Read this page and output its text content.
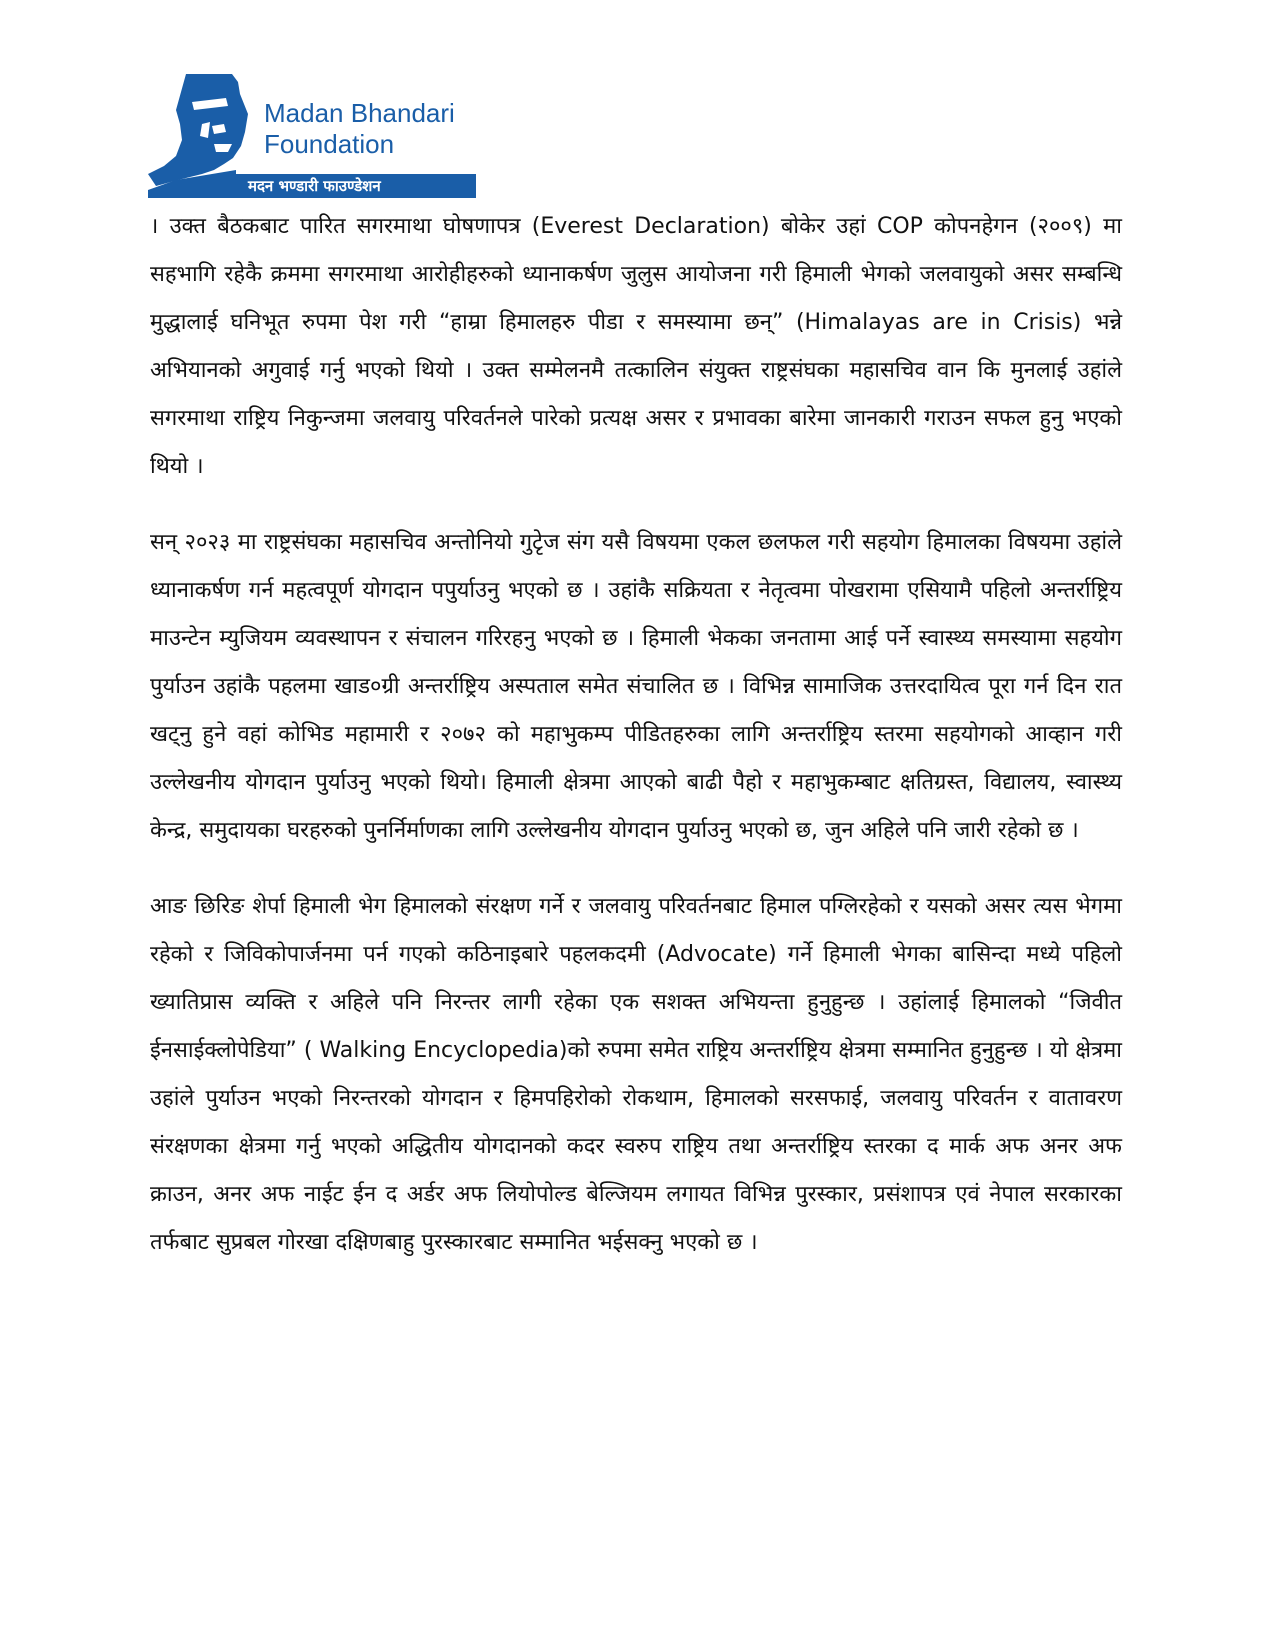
Madan Bhandari
Foundation
मदन भण्डारी फाउण्डेशन

। उक्त बैठकबाट पारित सगरमाथा घोषणापत्र (Everest Declaration) बोकेर उहां COP कोपनहेगन (२००९) मा सहभागि रहेकै क्रममा सगरमाथा आरोहीहरुको ध्यानाकर्षण जुलुस आयोजना गरी हिमाली भेगको जलवायुको असर सम्बन्धि मुद्धालाई घनिभूत रुपमा पेश गरी “हाम्रा हिमालहरु पीडा र समस्यामा छन्” (Himalayas are in Crisis) भन्ने अभियानको अगुवाई गर्नु भएको थियो । उक्त सम्मेलनमै तत्कालिन संयुक्त राष्ट्रसंघका महासचिव वान कि मुनलाई उहांले सगरमाथा राष्ट्रिय निकुन्जमा जलवायु परिवर्तनले पारेको प्रत्यक्ष असर र प्रभावका बारेमा जानकारी गराउन सफल हुनु भएको थियो ।

सन् २०२३ मा राष्ट्रसंघका महासचिव अन्तोनियो गुटेृज संग यसै विषयमा एकल छलफल गरी सहयोग हिमालका विषयमा उहांले ध्यानाकर्षण गर्न महत्वपूर्ण योगदान पपुर्याउनु भएको छ । उहांकै सक्रियता र नेतृत्वमा पोखरामा एसियामै पहिलो अन्तर्राष्ट्रिय माउन्टेन म्युजियम व्यवस्थापन र संचालन गरिरहनु भएको छ । हिमाली भेकका जनतामा आई पर्ने स्वास्थ्य समस्यामा सहयोग पुर्याउन उहांकै पहलमा खाड०ग्री अन्तर्राष्ट्रिय अस्पताल समेत संचालित छ । विभिन्न सामाजिक उत्तरदायित्व पूरा गर्न दिन रात खट्नु हुने वहां कोभिड महामारी र २०७२ को महाभुकम्प पीडितहरुका लागि अन्तर्राष्ट्रिय स्तरमा सहयोगको आव्हान गरी उल्लेखनीय योगदान पुर्याउनु भएको थियो। हिमाली क्षेत्रमा आएको बाढी पैहो र महाभुकम्बाट क्षतिग्रस्त, विद्यालय, स्वास्थ्य केन्द्र, समुदायका घरहरुको पुनर्निर्माणका लागि उल्लेखनीय योगदान पुर्याउनु भएको छ, जुन अहिले पनि जारी रहेको छ ।

आङ छिरिङ शेर्पा हिमाली भेग हिमालको संरक्षण गर्ने र जलवायु परिवर्तनबाट हिमाल पग्लिरहेको र यसको असर त्यस भेगमा रहेको र जिविकोपार्जनमा पर्न गएको कठिनाइबारे पहलकदमी (Advocate) गर्ने हिमाली भेगका बासिन्दा मध्ये पहिलो ख्यातिप्रास व्यक्ति र अहिले पनि निरन्तर लागी रहेका एक सशक्त अभियन्ता हुनुहुन्छ । उहांलाई हिमालको “जिवीत ईनसाईक्लोपेडिया” ( Walking Encyclopedia)को रुपमा समेत राष्ट्रिय अन्तर्राष्ट्रिय क्षेत्रमा सम्मानित हुनुहुन्छ । यो क्षेत्रमा उहांले पुर्याउन भएको निरन्तरको योगदान र हिमपहिरोको रोकथाम, हिमालको सरसफाई, जलवायु परिवर्तन र वातावरण संरक्षणका क्षेत्रमा गर्नु भएको अद्धितीय योगदानको कदर स्वरुप राष्ट्रिय तथा अन्तर्राष्ट्रिय स्तरका द मार्क अफ अनर अफ क्राउन, अनर अफ नाईट ईन द अर्डर अफ लियोपोल्ड बेल्जियम लगायत विभिन्न पुरस्कार, प्रसंशापत्र एवं नेपाल सरकारका तर्फबाट सुप्रबल गोरखा दक्षिणबाहु पुरस्कारबाट सम्मानित भईसक्नु भएको छ ।
